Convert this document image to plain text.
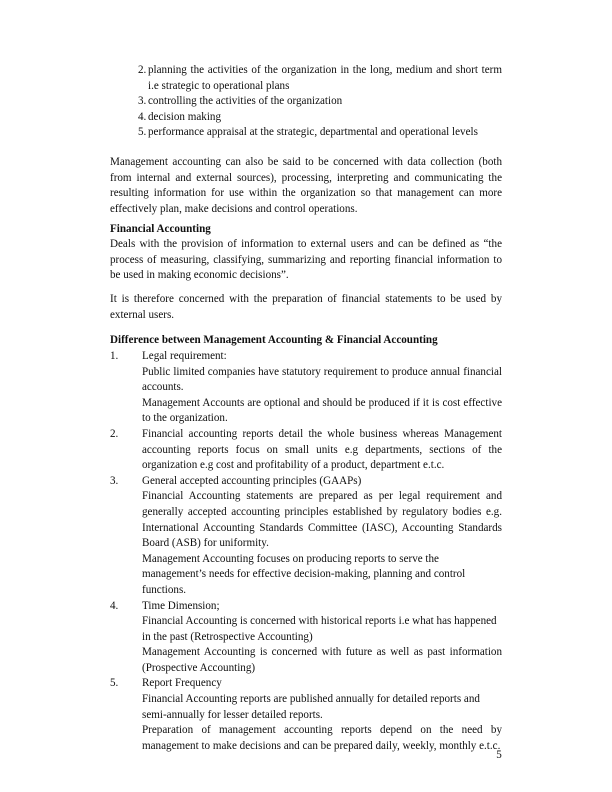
2. planning the activities of the organization in the long, medium and short term i.e strategic to operational plans
3. controlling the activities of the organization
4. decision making
5. performance appraisal at the strategic, departmental and operational levels
Management accounting can also be said to be concerned with data collection (both from internal and external sources), processing, interpreting and communicating the resulting information for use within the organization so that management can more effectively plan, make decisions and control operations.
Financial Accounting
Deals with the provision of information to external users and can be defined as “the process of measuring, classifying, summarizing and reporting financial information to be used in making economic decisions”.
It is therefore concerned with the preparation of financial statements to be used by external users.
Difference between Management Accounting & Financial Accounting
1.	Legal requirement:
Public limited companies have statutory requirement to produce annual financial accounts.
Management Accounts are optional and should be produced if it is cost effective to the organization.
2.	Financial accounting reports detail the whole business whereas Management accounting reports focus on small units e.g departments, sections of the organization e.g cost and profitability of a product, department e.t.c.
3.	General accepted accounting principles (GAAPs)
Financial Accounting statements are prepared as per legal requirement and generally accepted accounting principles established by regulatory bodies e.g. International Accounting Standards Committee (IASC), Accounting Standards Board (ASB) for uniformity.
Management Accounting focuses on producing reports to serve the management’s needs for effective decision-making, planning and control functions.
4.	Time Dimension;
Financial Accounting is concerned with historical reports i.e what has happened in the past (Retrospective Accounting)
Management Accounting is concerned with future as well as past information (Prospective Accounting)
5.	Report Frequency
Financial Accounting reports are published annually for detailed reports and semi-annually for lesser detailed reports.
Preparation of management accounting reports depend on the need by management to make decisions and can be prepared daily, weekly, monthly e.t.c.
5
